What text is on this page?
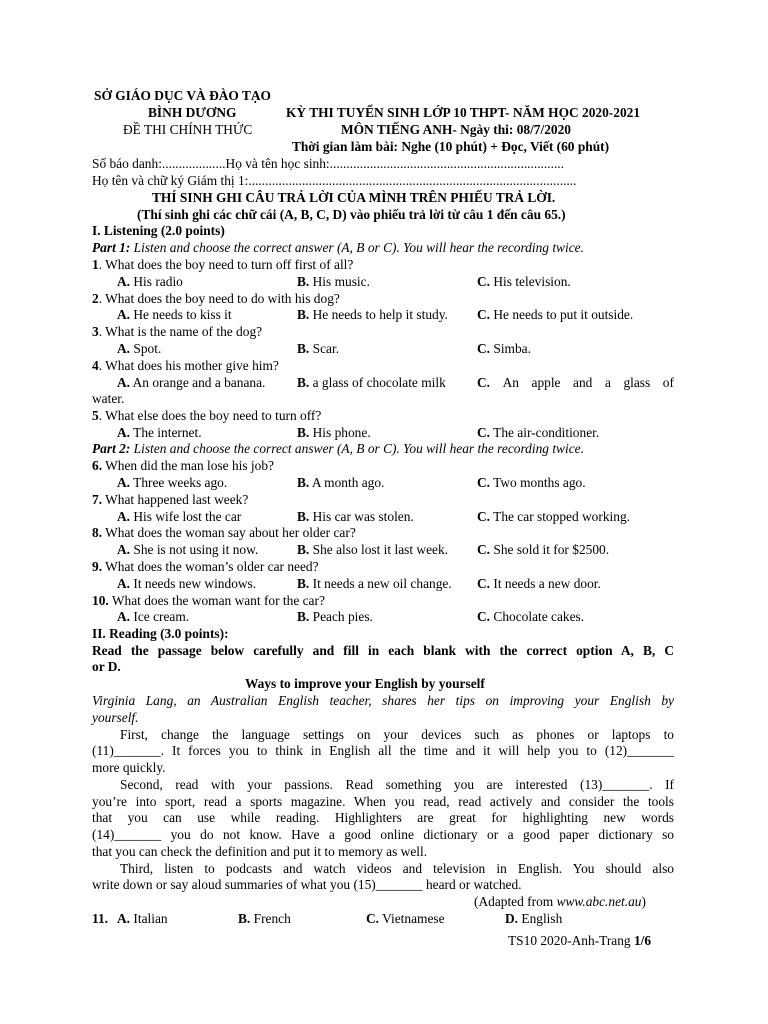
SỞ GIÁO DỤC VÀ ĐÀO TẠO
BÌNH DƯƠNG	KỲ THI TUYỂN SINH LỚP 10 THPT- NĂM HỌC 2020-2021
ĐỀ THI CHÍNH THỨC	MÔN TIẾNG ANH- Ngày thi: 08/7/2020
Thời gian làm bài: Nghe (10 phút) + Đọc, Viết (60 phút)
Số báo danh:...................Họ và tên học sinh:......................................................................
Họ tên và chữ ký Giám thị 1:..................................................................................................
THÍ SINH GHI CÂU TRẢ LỜI CỦA MÌNH TRÊN PHIẾU TRẢ LỜI.
(Thí sinh ghi các chữ cái (A, B, C, D) vào phiếu trả lời từ câu 1 đến câu 65.)
I. Listening (2.0 points)
Part 1: Listen and choose the correct answer (A, B or C). You will hear the recording twice.
1. What does the boy need to turn off first of all?
A. His radio	B. His music.	C. His television.
2. What does the boy need to do with his dog?
A. He needs to kiss it	B. He needs to help it study. C. He needs to put it outside.
3. What is the name of the dog?
A. Spot.	B. Scar.	C. Simba.
4. What does his mother give him?
A. An orange and a banana. B. a glass of chocolate milk C. An apple and a glass of
water.
5. What else does the boy need to turn off?
A. The internet.	B. His phone.	C. The air-conditioner.
Part 2: Listen and choose the correct answer (A, B or C). You will hear the recording twice.
6. When did the man lose his job?
A. Three weeks ago.	B. A month ago.	C. Two months ago.
7. What happened last week?
A. His wife lost the car	B. His car was stolen.	C. The car stopped working.
8. What does the woman say about her older car?
A. She is not using it now.	B. She also lost it last week. C. She sold it for $2500.
9. What does the woman’s older car need?
A. It needs new windows.	B. It needs a new oil change. C. It needs a new door.
10. What does the woman want for the car?
A. Ice cream.	B. Peach pies.	C. Chocolate cakes.
II. Reading (3.0 points):
Read the passage below carefully and fill in each blank with the correct option A, B, C
or D.
Ways to improve your English by yourself
Virginia Lang, an Australian English teacher, shares her tips on improving your English by
yourself.
First, change the language settings on your devices such as phones or laptops to
(11)_______. It forces you to think in English all the time and it will help you to (12)_______
more quickly.
Second, read with your passions. Read something you are interested (13)_______. If
you’re into sport, read a sports magazine. When you read, read actively and consider the tools
that you can use while reading. Highlighters are great for highlighting new words
(14)_______ you do not know. Have a good online dictionary or a good paper dictionary so
that you can check the definition and put it to memory as well.
Third, listen to podcasts and watch videos and television in English. You should also
write down or say aloud summaries of what you (15)_______ heard or watched.
(Adapted from www.abc.net.au)
11. A. Italian	B. French	C. Vietnamese	D. English
TS10 2020-Anh-Trang 1/6
